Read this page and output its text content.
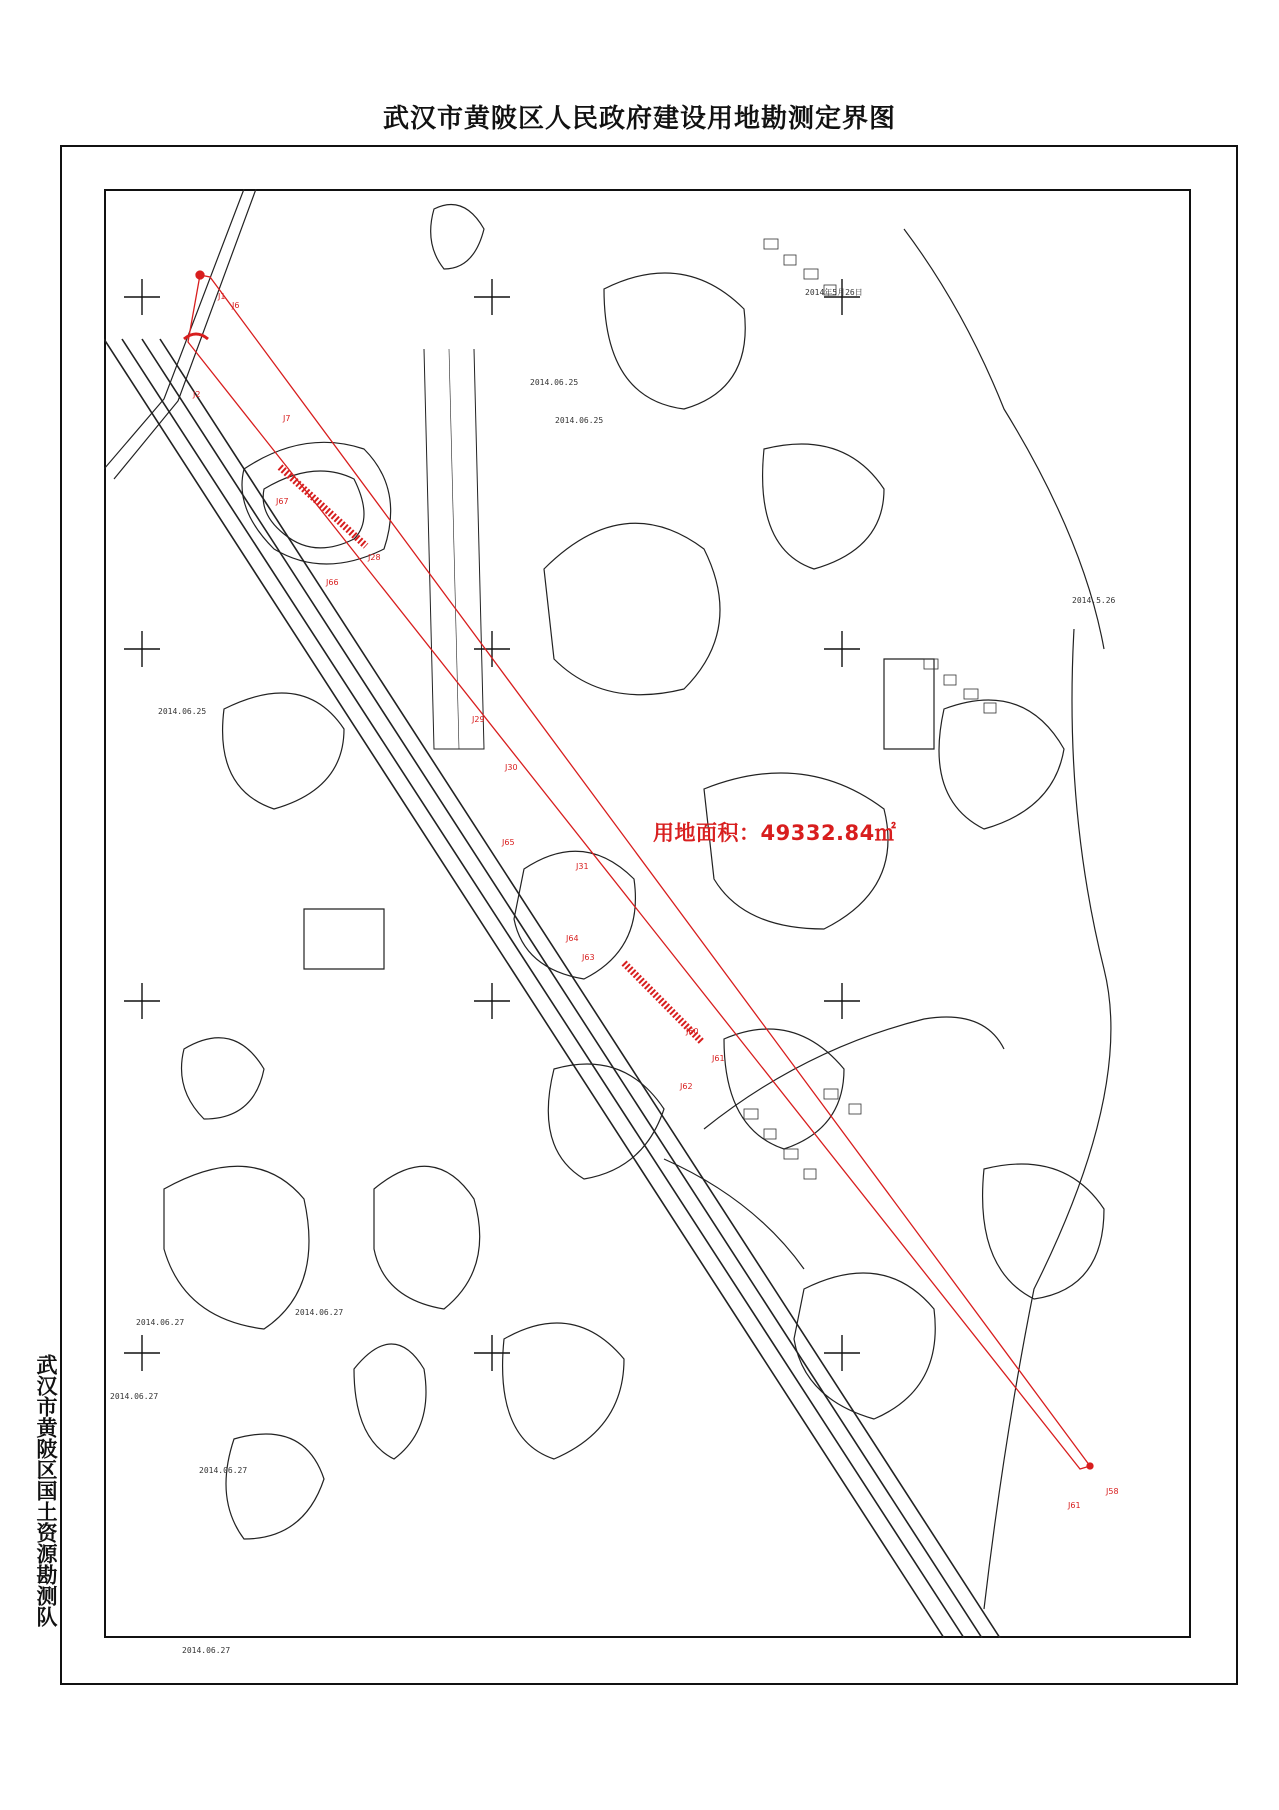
武汉市黄陂区人民政府建设用地勘测定界图
武汉市黄陂区国土资源勘测队
用地面积：49332.84㎡
2014.06.25
2014.06.25
2014年5月26日
2014.5.26
2014.06.25
2014.06.27
2014.06.27
2014.06.27
2014.06.27
2014.06.27
J1
J6
J2
J7
J67
J66
J28
J29
J30
J65
J31
J64
J63
J60
J61
J62
J58
J61
